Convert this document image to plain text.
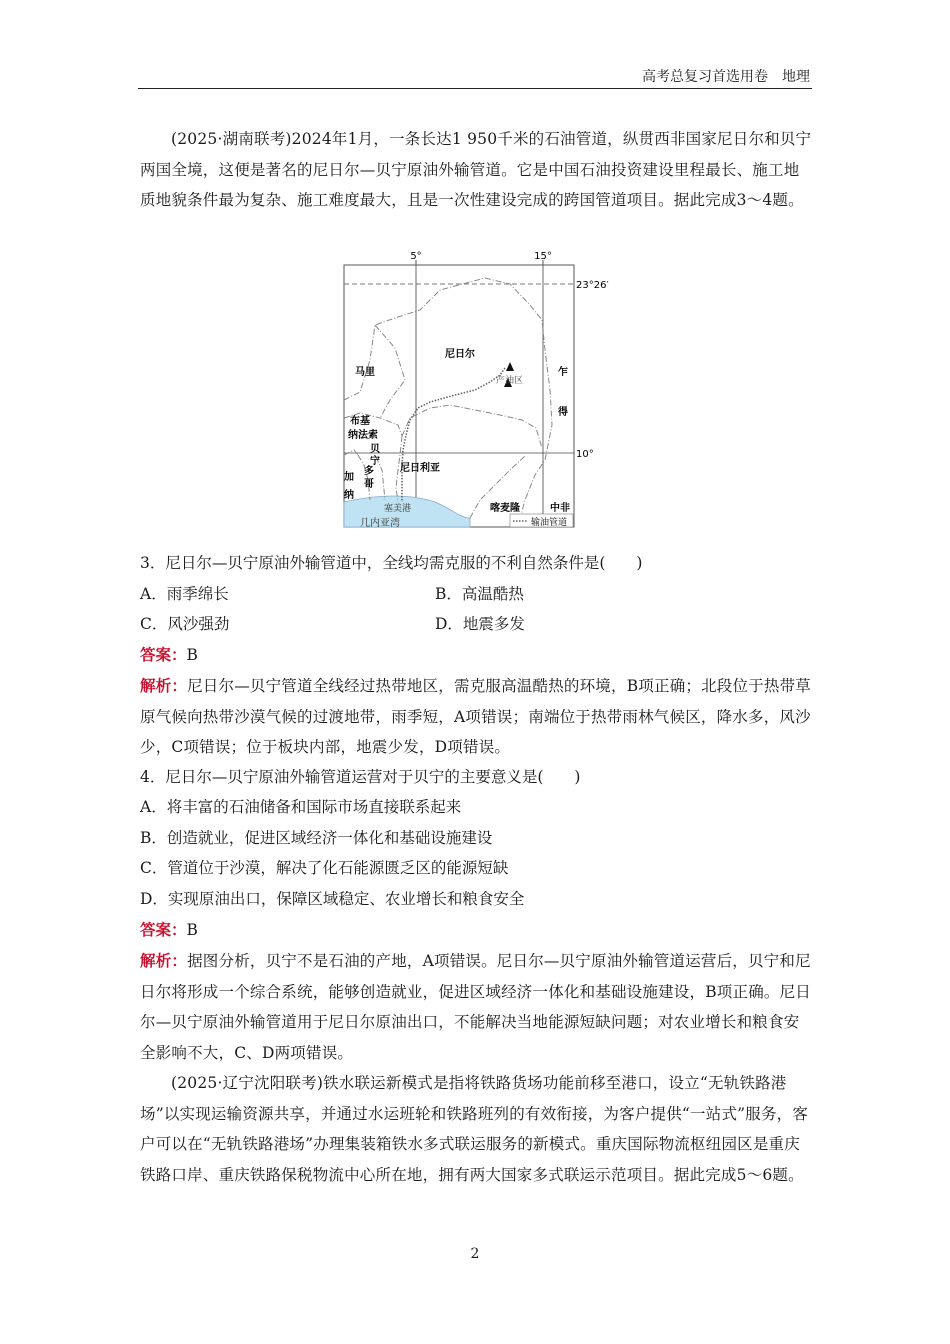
高考总复习首选用卷　地理
(2025·湖南联考)2024年1月，一条长达1 950千米的石油管道，纵贯西非国家尼日尔和贝宁两国全境，这便是著名的尼日尔—贝宁原油外输管道。它是中国石油投资建设里程最长、施工地质地貌条件最为复杂、施工难度最大，且是一次性建设完成的跨国管道项目。据此完成3～4题。
5°	15°
23°26′
10°
尼日尔
产油区
马里	乍
得
布基
纳法索
贝
宁
多
哥
加
纳
尼日利亚
喀麦隆	中非
塞美港
几内亚湾	输油管道
3．尼日尔—贝宁原油外输管道中，全线均需克服的不利自然条件是(　　)
A．雨季绵长	B．高温酷热
C．风沙强劲	D．地震多发
答案：B
解析：尼日尔—贝宁管道全线经过热带地区，需克服高温酷热的环境，B项正确；北段位于热带草原气候向热带沙漠气候的过渡地带，雨季短，A项错误；南端位于热带雨林气候区，降水多，风沙少，C项错误；位于板块内部，地震少发，D项错误。
4．尼日尔—贝宁原油外输管道运营对于贝宁的主要意义是(　　)
A．将丰富的石油储备和国际市场直接联系起来
B．创造就业，促进区域经济一体化和基础设施建设
C．管道位于沙漠，解决了化石能源匮乏区的能源短缺
D．实现原油出口，保障区域稳定、农业增长和粮食安全
答案：B
解析：据图分析，贝宁不是石油的产地，A项错误。尼日尔—贝宁原油外输管道运营后，贝宁和尼日尔将形成一个综合系统，能够创造就业，促进区域经济一体化和基础设施建设，B项正确。尼日尔—贝宁原油外输管道用于尼日尔原油出口，不能解决当地能源短缺问题；对农业增长和粮食安全影响不大，C、D两项错误。
(2025·辽宁沈阳联考)铁水联运新模式是指将铁路货场功能前移至港口，设立“无轨铁路港场”以实现运输资源共享，并通过水运班轮和铁路班列的有效衔接，为客户提供“一站式”服务，客户可以在“无轨铁路港场”办理集装箱铁水多式联运服务的新模式。重庆国际物流枢纽园区是重庆铁路口岸、重庆铁路保税物流中心所在地，拥有两大国家多式联运示范项目。据此完成5～6题。
2
